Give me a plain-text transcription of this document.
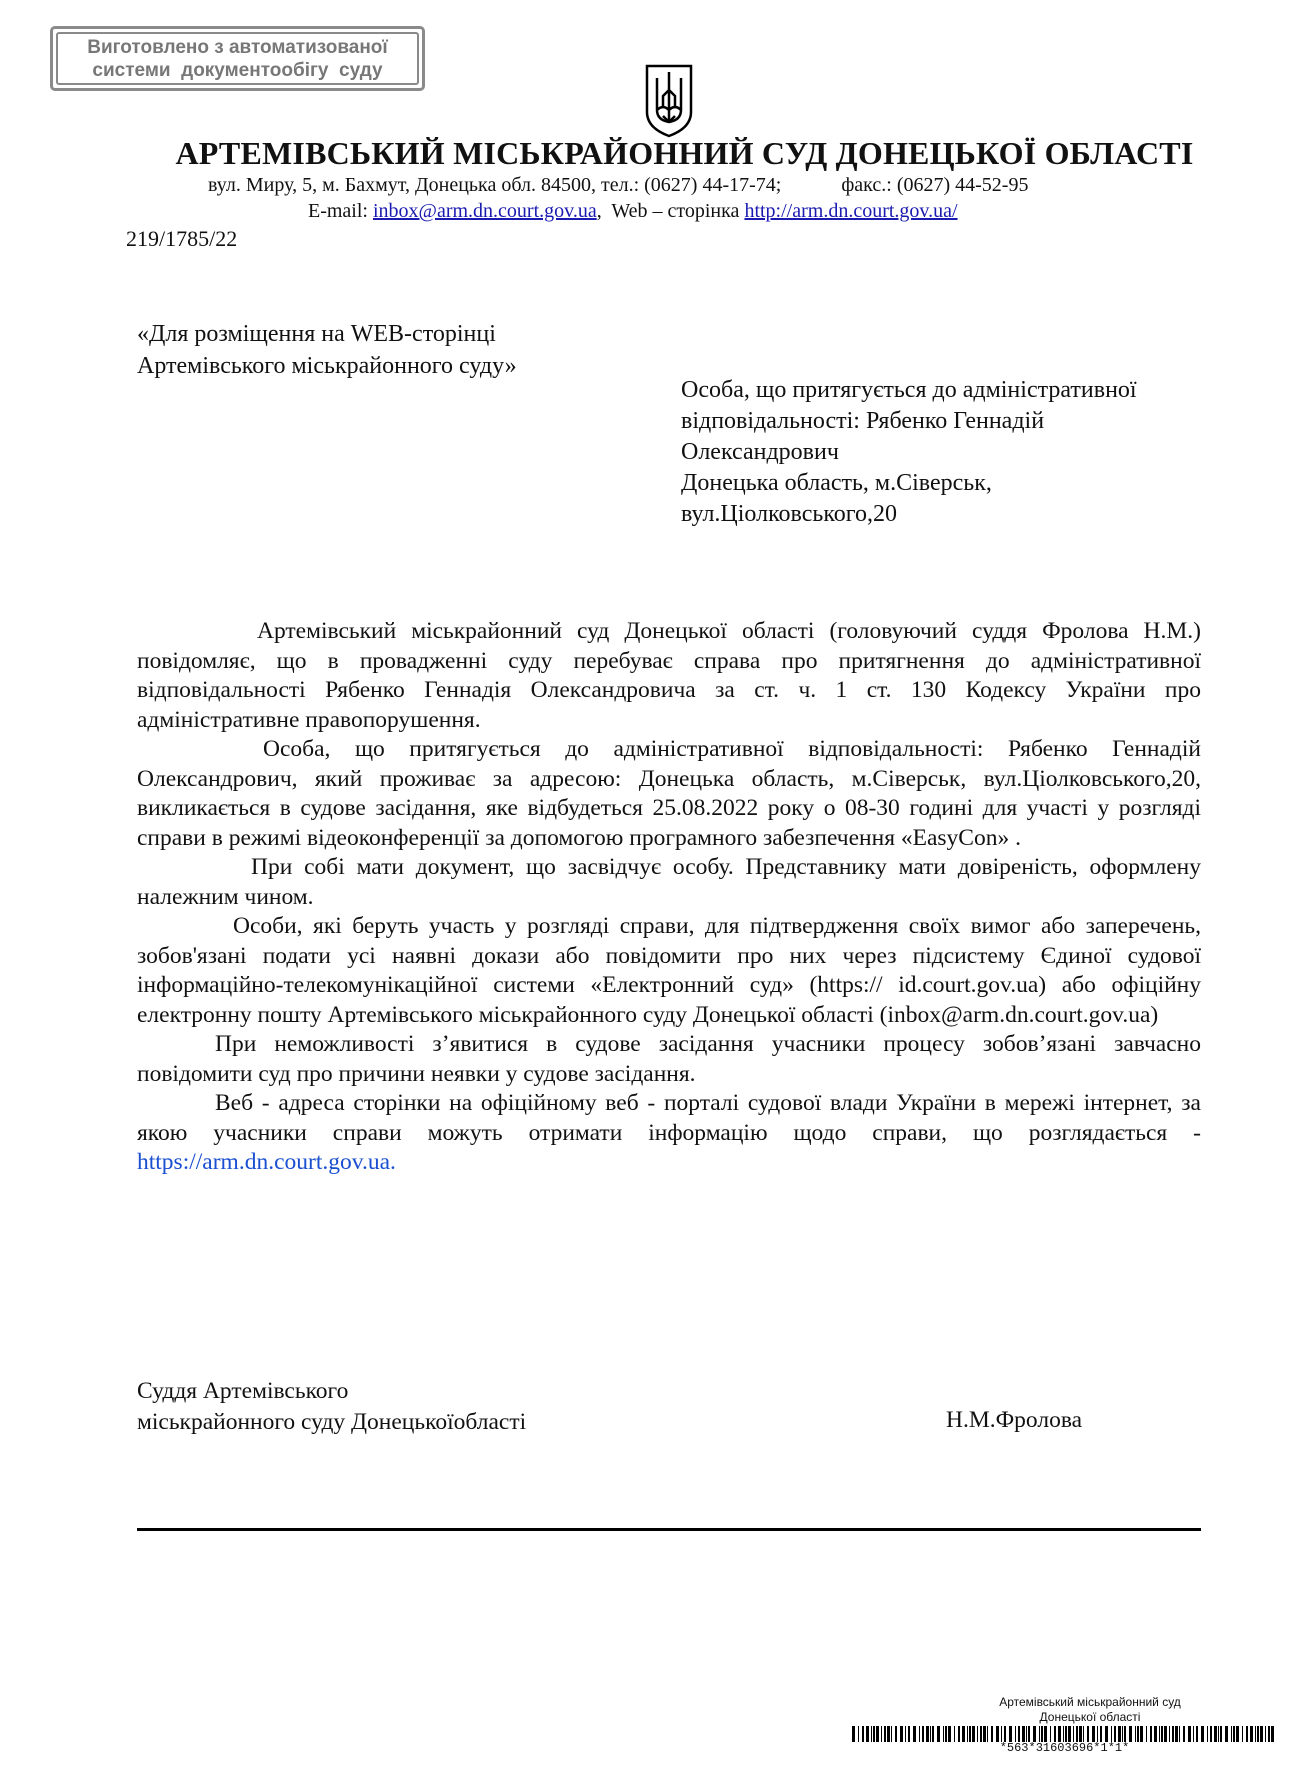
Виготовлено з автоматизованої
системи  документообігу  суду
АРТЕМІВСЬКИЙ МІСЬКРАЙОННИЙ СУД ДОНЕЦЬКОЇ ОБЛАСТІ
вул. Миру, 5, м. Бахмут, Донецька обл. 84500, тел.: (0627) 44-17-74;            факс.: (0627) 44-52-95
E-mail: inbox@arm.dn.court.gov.ua,  Web – сторінка http://arm.dn.court.gov.ua/
219/1785/22
«Для розміщення на WEB-сторінці
Артемівського міськрайонного суду»
Особа, що притягується до адміністративної
відповідальності: Рябенко Геннадій
Олександрович
Донецька область, м.Сіверськ,
вул.Ціолковського,20

Артемівський міськрайонний суд Донецької області (головуючий суддя Фролова Н.М.) повідомляє, що в провадженні суду перебуває справа про притягнення до адміністративної відповідальності Рябенко Геннадія Олександровича за ст. ч. 1 ст. 130 Кодексу України про адміністративне правопорушення.

Особа, що притягується до адміністративної відповідальності: Рябенко Геннадій Олександрович, який проживає за адресою: Донецька область, м.Сіверськ, вул.Ціолковського,20, викликається в судове засідання, яке відбудеться 25.08.2022 року о 08-30 годині для участі у розгляді справи в режимі відеоконференції за допомогою програмного забезпечення «EasyCon» .

При собі мати документ, що засвідчує особу. Представнику мати довіреність, оформлену належним чином.

Особи, які беруть участь у розгляді справи, для підтвердження своїх вимог або заперечень, зобов'язані подати усі наявні докази або повідомити про них через підсистему Єдиної судової інформаційно-телекомунікаційної системи «Електронний суд» (https:// id.court.gov.ua) або офіційну електронну пошту Артемівського міськрайонного суду Донецької області (inbox@arm.dn.court.gov.ua)

При неможливості з’явитися в судове засідання учасники процесу зобов’язані завчасно повідомити суд про причини неявки у судове засідання.

Веб - адреса сторінки на офіційному веб - порталі судової влади України в мережі інтернет, за якою учасники справи можуть отримати інформацію щодо справи, що розглядається - https://arm.dn.court.gov.ua.

Суддя Артемівського
міськрайонного суду Донецькоїобласті	Н.М.Фролова
Артемівський міськрайонний суд
Донецької області
*563*31603696*1*1*
